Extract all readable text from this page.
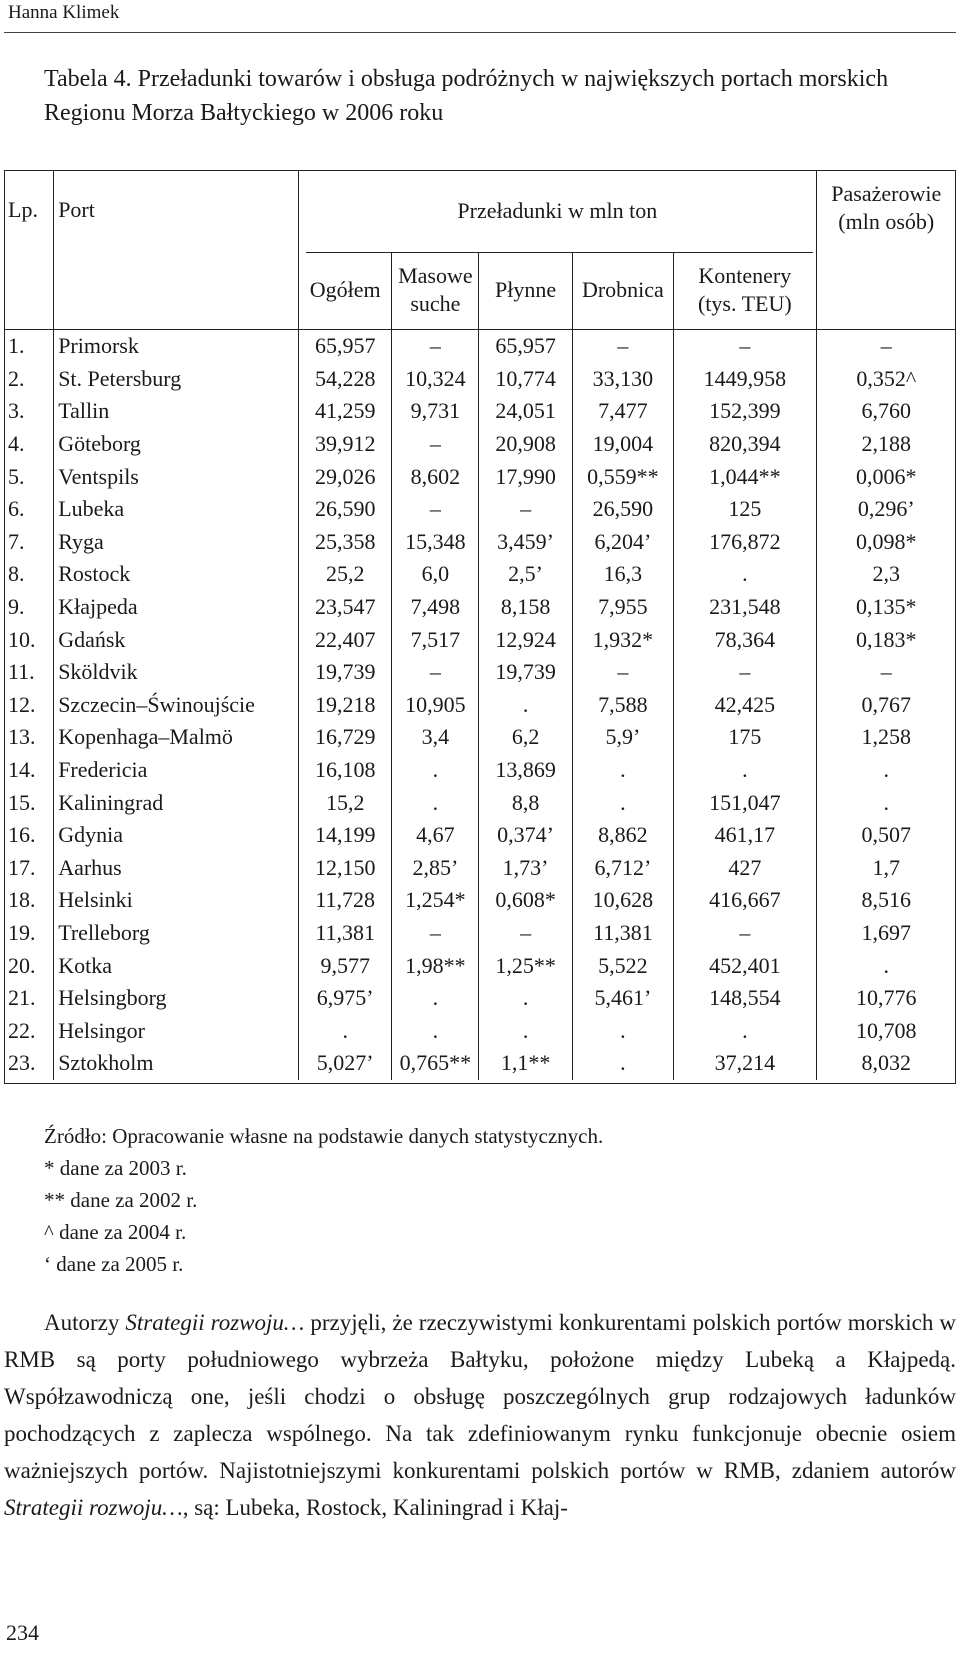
Hanna Klimek
Tabela 4. Przeładunki towarów i obsługa podróżnych w największych portach morskich Regionu Morza Bałtyckiego w 2006 roku
Lp.	Port	Przeładunki w mln ton					Pasażerowie (mln osób)
		Ogółem	Masowe suche	Płynne	Drobnica	Kontenery (tys. TEU)	
1.	Primorsk	65,957	–	65,957	–	–	–
2.	St. Petersburg	54,228	10,324	10,774	33,130	1449,958	0,352^
3.	Tallin	41,259	9,731	24,051	7,477	152,399	6,760
4.	Göteborg	39,912	–	20,908	19,004	820,394	2,188
5.	Ventspils	29,026	8,602	17,990	0,559**	1,044**	0,006*
6.	Lubeka	26,590	–	–	26,590	125	0,296’
7.	Ryga	25,358	15,348	3,459’	6,204’	176,872	0,098*
8.	Rostock	25,2	6,0	2,5’	16,3	.	2,3
9.	Kłajpeda	23,547	7,498	8,158	7,955	231,548	0,135*
10.	Gdańsk	22,407	7,517	12,924	1,932*	78,364	0,183*
11.	Sköldvik	19,739	–	19,739	–	–	–
12.	Szczecin–Świnoujście	19,218	10,905	.	7,588	42,425	0,767
13.	Kopenhaga–Malmö	16,729	3,4	6,2	5,9’	175	1,258
14.	Fredericia	16,108	.	13,869	.	.	.
15.	Kaliningrad	15,2	.	8,8	.	151,047	.
16.	Gdynia	14,199	4,67	0,374’	8,862	461,17	0,507
17.	Aarhus	12,150	2,85’	1,73’	6,712’	427	1,7
18.	Helsinki	11,728	1,254*	0,608*	10,628	416,667	8,516
19.	Trelleborg	11,381	–	–	11,381	–	1,697
20.	Kotka	9,577	1,98**	1,25**	5,522	452,401	.
21.	Helsingborg	6,975’	.	.	5,461’	148,554	10,776
22.	Helsingor	.	.	.	.	.	10,708
23.	Sztokholm	5,027’	0,765**	1,1**	.	37,214	8,032
Źródło: Opracowanie własne na podstawie danych statystycznych.
* dane za 2003 r.
** dane za 2002 r.
^ dane za 2004 r.
‘ dane za 2005 r.

Autorzy Strategii rozwoju… przyjęli, że rzeczywistymi konkurentami polskich portów morskich w RMB są porty południowego wybrzeża Bałtyku, położone między Lubeką a Kłajpedą. Współzawodniczą one, jeśli chodzi o obsługę poszczególnych grup rodzajowych ładunków pochodzących z zaplecza wspólnego. Na tak zdefiniowanym rynku funkcjonuje obecnie osiem ważniejszych portów. Najistotniejszymi konkurentami polskich portów w RMB, zdaniem autorów Strategii rozwoju…, są: Lubeka, Rostock, Kaliningrad i Kłaj-

234
